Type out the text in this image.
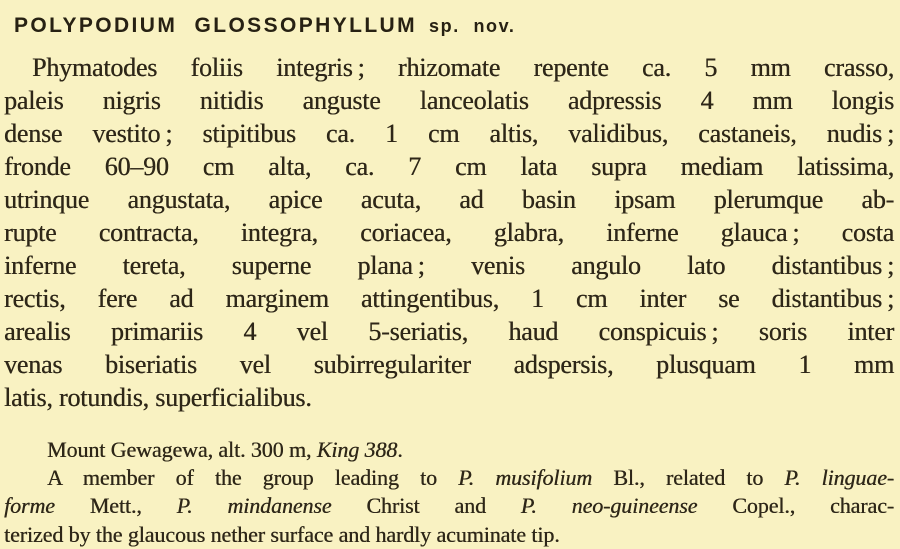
POLYPODIUM GLOSSOPHYLLUM sp. nov.
Phymatodes foliis integris ; rhizomate repente ca. 5 mm crasso,
paleis nigris nitidis anguste lanceolatis adpressis 4 mm longis
dense vestito ; stipitibus ca. 1 cm altis, validibus, castaneis, nudis ;
fronde 60–90 cm alta, ca. 7 cm lata supra mediam latissima,
utrinque angustata, apice acuta, ad basin ipsam plerumque ab-
rupte contracta, integra, coriacea, glabra, inferne glauca ; costa
inferne tereta, superne plana ; venis angulo lato distantibus ;
rectis, fere ad marginem attingentibus, 1 cm inter se distantibus ;
arealis primariis 4 vel 5-seriatis, haud conspicuis ; soris inter
venas biseriatis vel subirregulariter adspersis, plusquam 1 mm
latis, rotundis, superficialibus.
Mount Gewagewa, alt. 300 m, King 388.
A member of the group leading to P. musifolium Bl., related to P. linguae-
forme Mett., P. mindanense Christ and P. neo-guineense Copel., charac-
terized by the glaucous nether surface and hardly acuminate tip.
